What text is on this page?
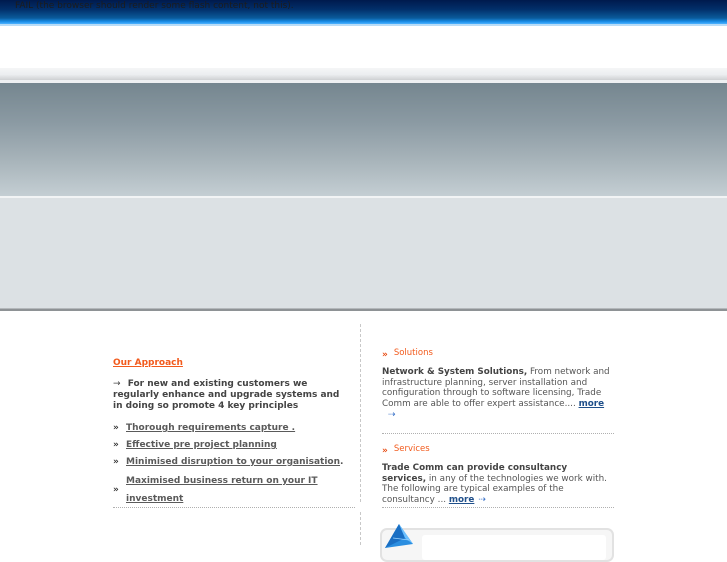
FAIL (the browser should render some flash content, not this).
Our Approach
→ For new and existing customers we regularly enhance and upgrade systems and in doing so promote 4 key principles
» Thorough requirements capture .
» Effective pre project planning
» Minimised disruption to your organisation.
»
Maximised business return on your IT investment
» Solutions
Network & System Solutions, From network and infrastructure planning, server installation and configuration through to software licensing, Trade Comm are able to offer expert assistance.... more
⇢
» Services
Trade Comm can provide consultancy services, in any of the technologies we work with. The following are typical examples of the consultancy ... more ⇢
